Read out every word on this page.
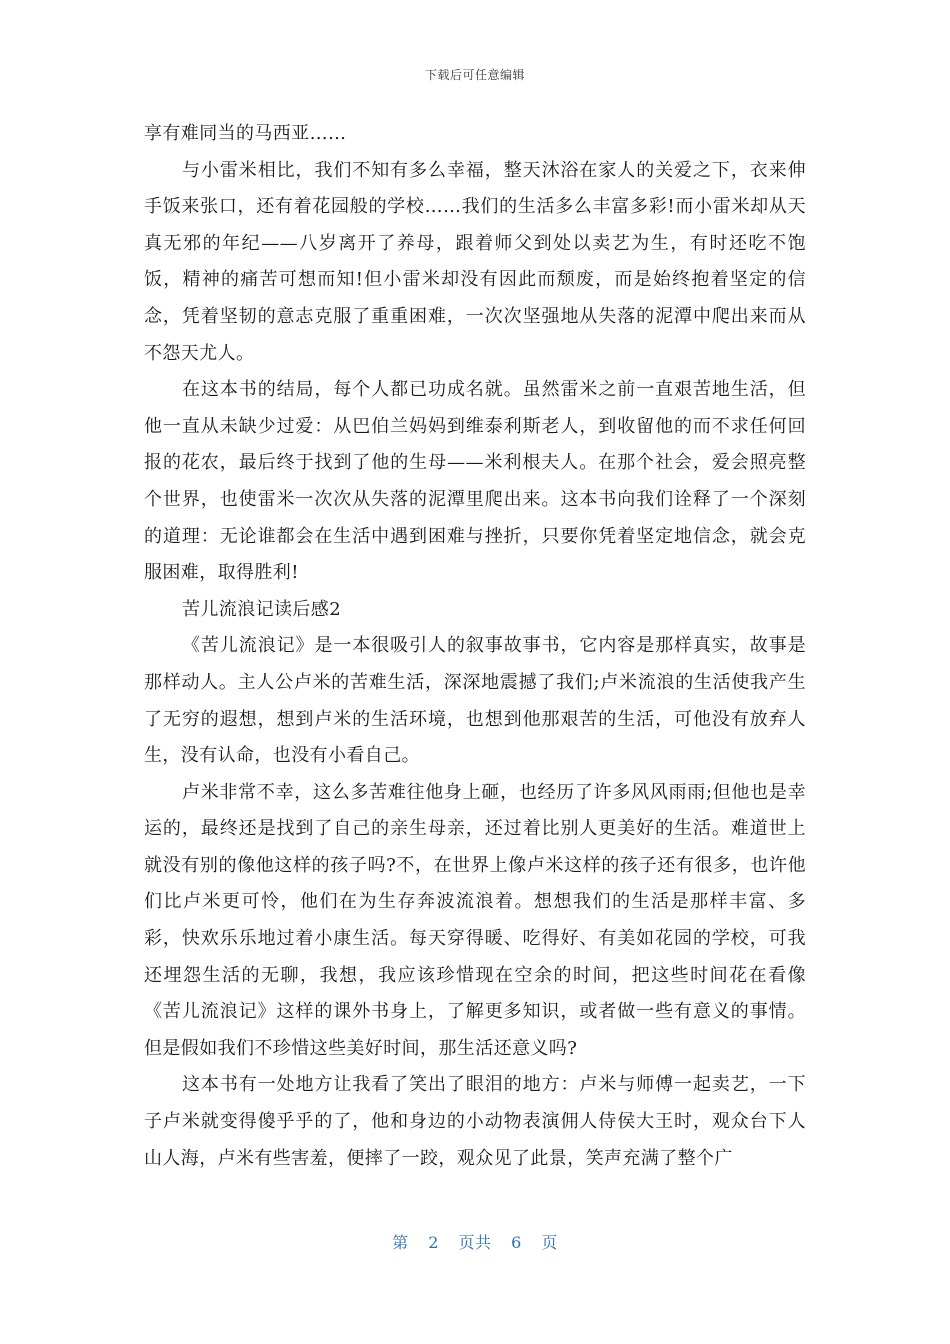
下载后可任意编辑

享有难同当的马西亚……

与小雷米相比，我们不知有多么幸福，整天沐浴在家人的关爱之下，衣来伸手饭来张口，还有着花园般的学校……我们的生活多么丰富多彩!而小雷米却从天真无邪的年纪——八岁离开了养母，跟着师父到处以卖艺为生，有时还吃不饱饭，精神的痛苦可想而知!但小雷米却没有因此而颓废，而是始终抱着坚定的信念，凭着坚韧的意志克服了重重困难，一次次坚强地从失落的泥潭中爬出来而从不怨天尤人。

在这本书的结局，每个人都已功成名就。虽然雷米之前一直艰苦地生活，但他一直从未缺少过爱：从巴伯兰妈妈到维泰利斯老人，到收留他的而不求任何回报的花农，最后终于找到了他的生母——米利根夫人。在那个社会，爱会照亮整个世界，也使雷米一次次从失落的泥潭里爬出来。这本书向我们诠释了一个深刻的道理：无论谁都会在生活中遇到困难与挫折，只要你凭着坚定地信念，就会克服困难，取得胜利!

苦儿流浪记读后感2

《苦儿流浪记》是一本很吸引人的叙事故事书，它内容是那样真实，故事是那样动人。主人公卢米的苦难生活，深深地震撼了我们;卢米流浪的生活使我产生了无穷的遐想，想到卢米的生活环境，也想到他那艰苦的生活，可他没有放弃人生，没有认命，也没有小看自己。

卢米非常不幸，这么多苦难往他身上砸，也经历了许多风风雨雨;但他也是幸运的，最终还是找到了自己的亲生母亲，还过着比别人更美好的生活。难道世上就没有别的像他这样的孩子吗?不，在世界上像卢米这样的孩子还有很多，也许他们比卢米更可怜，他们在为生存奔波流浪着。想想我们的生活是那样丰富、多彩，快欢乐乐地过着小康生活。每天穿得暖、吃得好、有美如花园的学校，可我还埋怨生活的无聊，我想，我应该珍惜现在空余的时间，把这些时间花在看像《苦儿流浪记》这样的课外书身上，了解更多知识，或者做一些有意义的事情。但是假如我们不珍惜这些美好时间，那生活还意义吗?

这本书有一处地方让我看了笑出了眼泪的地方：卢米与师傅一起卖艺，一下子卢米就变得傻乎乎的了，他和身边的小动物表演佣人侍侯大王时，观众台下人山人海，卢米有些害羞，便摔了一跤，观众见了此景，笑声充满了整个广

第 2 页共 6 页
